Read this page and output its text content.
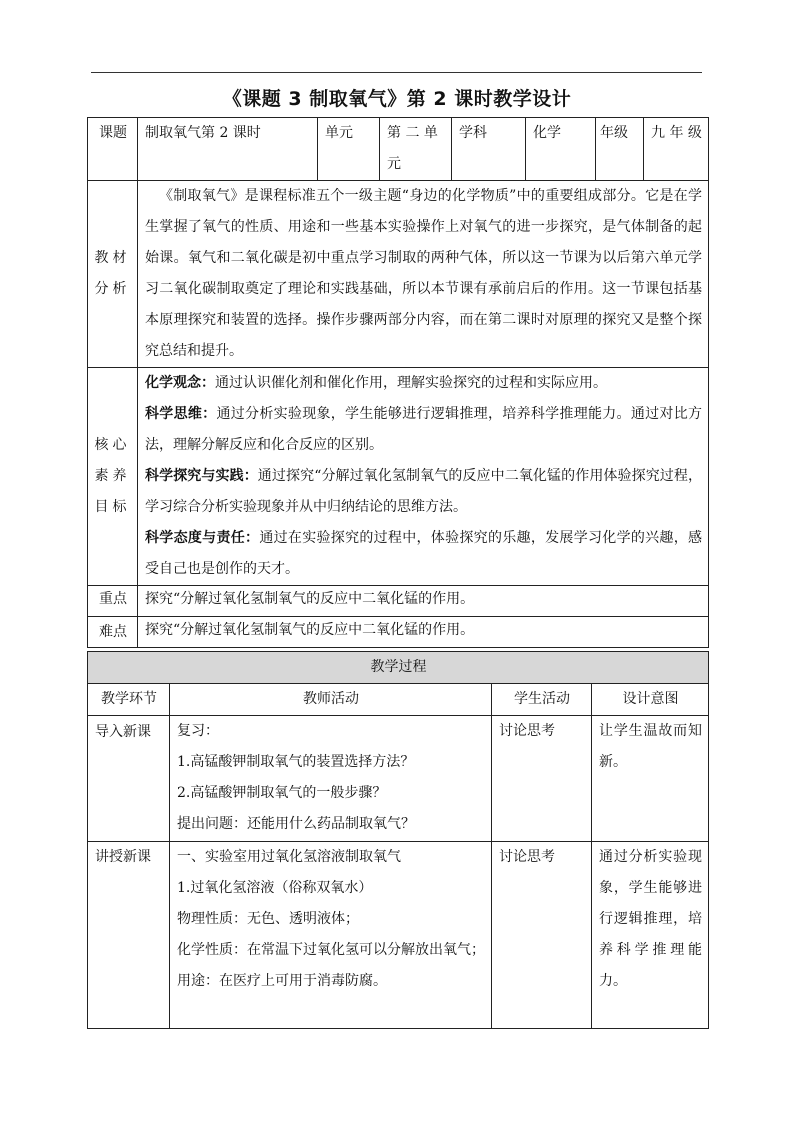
《课题 3 制取氧气》第 2 课时教学设计
课题	制取氧气第 2 课时	单元	第 二 单 元	学科	化学	年级	九 年 级
教材分析	《制取氧气》是课程标准五个一级主题“身边的化学物质”中的重要组成部分。它是在学生掌握了氧气的性质、用途和一些基本实验操作上对氧气的进一步探究，是气体制备的起始课。氧气和二氧化碳是初中重点学习制取的两种气体，所以这一节课为以后第六单元学习二氧化碳制取奠定了理论和实践基础，所以本节课有承前启后的作用。这一节课包括基本原理探究和装置的选择。操作步骤两部分内容，而在第二课时对原理的探究又是整个探究总结和提升。						
核心素养目标	化学观念：通过认识催化剂和催化作用，理解实验探究的过程和实际应用。
科学思维：通过分析实验现象，学生能够进行逻辑推理，培养科学推理能力。通过对比方法，理解分解反应和化合反应的区别。
科学探究与实践：通过探究“分解过氧化氢制氧气的反应中二氧化锰的作用体验探究过程，学习综合分析实验现象并从中归纳结论的思维方法。
科学态度与责任：通过在实验探究的过程中，体验探究的乐趣，发展学习化学的兴趣，感受自己也是创作的天才。						

重点	探究“分解过氧化氢制氧气的反应中二氧化锰的作用。						
难点	探究“分解过氧化氢制氧气的反应中二氧化锰的作用。						
教学过程			
教学环节	教师活动	学生活动	设计意图
导入新课	复习：
1.高锰酸钾制取氧气的装置选择方法？
2.高锰酸钾制取氧气的一般步骤？
提出问题：还能用什么药品制取氧气？	讨论思考	让学生温故而知新。
讲授新课	一、实验室用过氧化氢溶液制取氧气
1.过氧化氢溶液（俗称双氧水）
物理性质：无色、透明液体；
化学性质：在常温下过氧化氢可以分解放出氧气；
用途：在医疗上可用于消毒防腐。	讨论思考	通过分析实验现象，学生能够进行逻辑推理，培养科学推理能力。
